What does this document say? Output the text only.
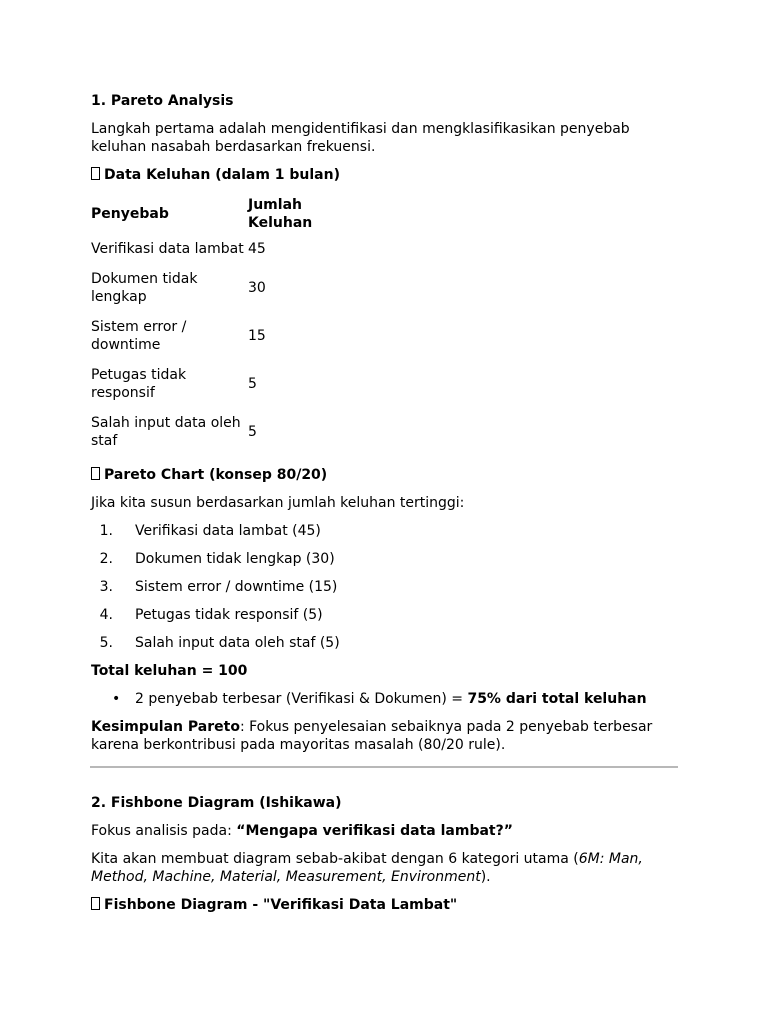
1. Pareto Analysis

Langkah pertama adalah mengidentifikasi dan mengklasifikasikan penyebab keluhan nasabah berdasarkan frekuensi.

Data Keluhan (dalam 1 bulan)

Penyebab	Jumlah Keluhan
Verifikasi data lambat	45
Dokumen tidak lengkap	30
Sistem error / downtime	15
Petugas tidak responsif	5
Salah input data oleh staf	5

Pareto Chart (konsep 80/20)

Jika kita susun berdasarkan jumlah keluhan tertinggi:

1. Verifikasi data lambat (45)
2. Dokumen tidak lengkap (30)
3. Sistem error / downtime (15)
4. Petugas tidak responsif (5)
5. Salah input data oleh staf (5)

Total keluhan = 100

• 2 penyebab terbesar (Verifikasi & Dokumen) = 75% dari total keluhan

Kesimpulan Pareto: Fokus penyelesaian sebaiknya pada 2 penyebab terbesar karena berkontribusi pada mayoritas masalah (80/20 rule).

2. Fishbone Diagram (Ishikawa)

Fokus analisis pada: “Mengapa verifikasi data lambat?”

Kita akan membuat diagram sebab-akibat dengan 6 kategori utama (6M: Man, Method, Machine, Material, Measurement, Environment).

Fishbone Diagram - "Verifikasi Data Lambat"
